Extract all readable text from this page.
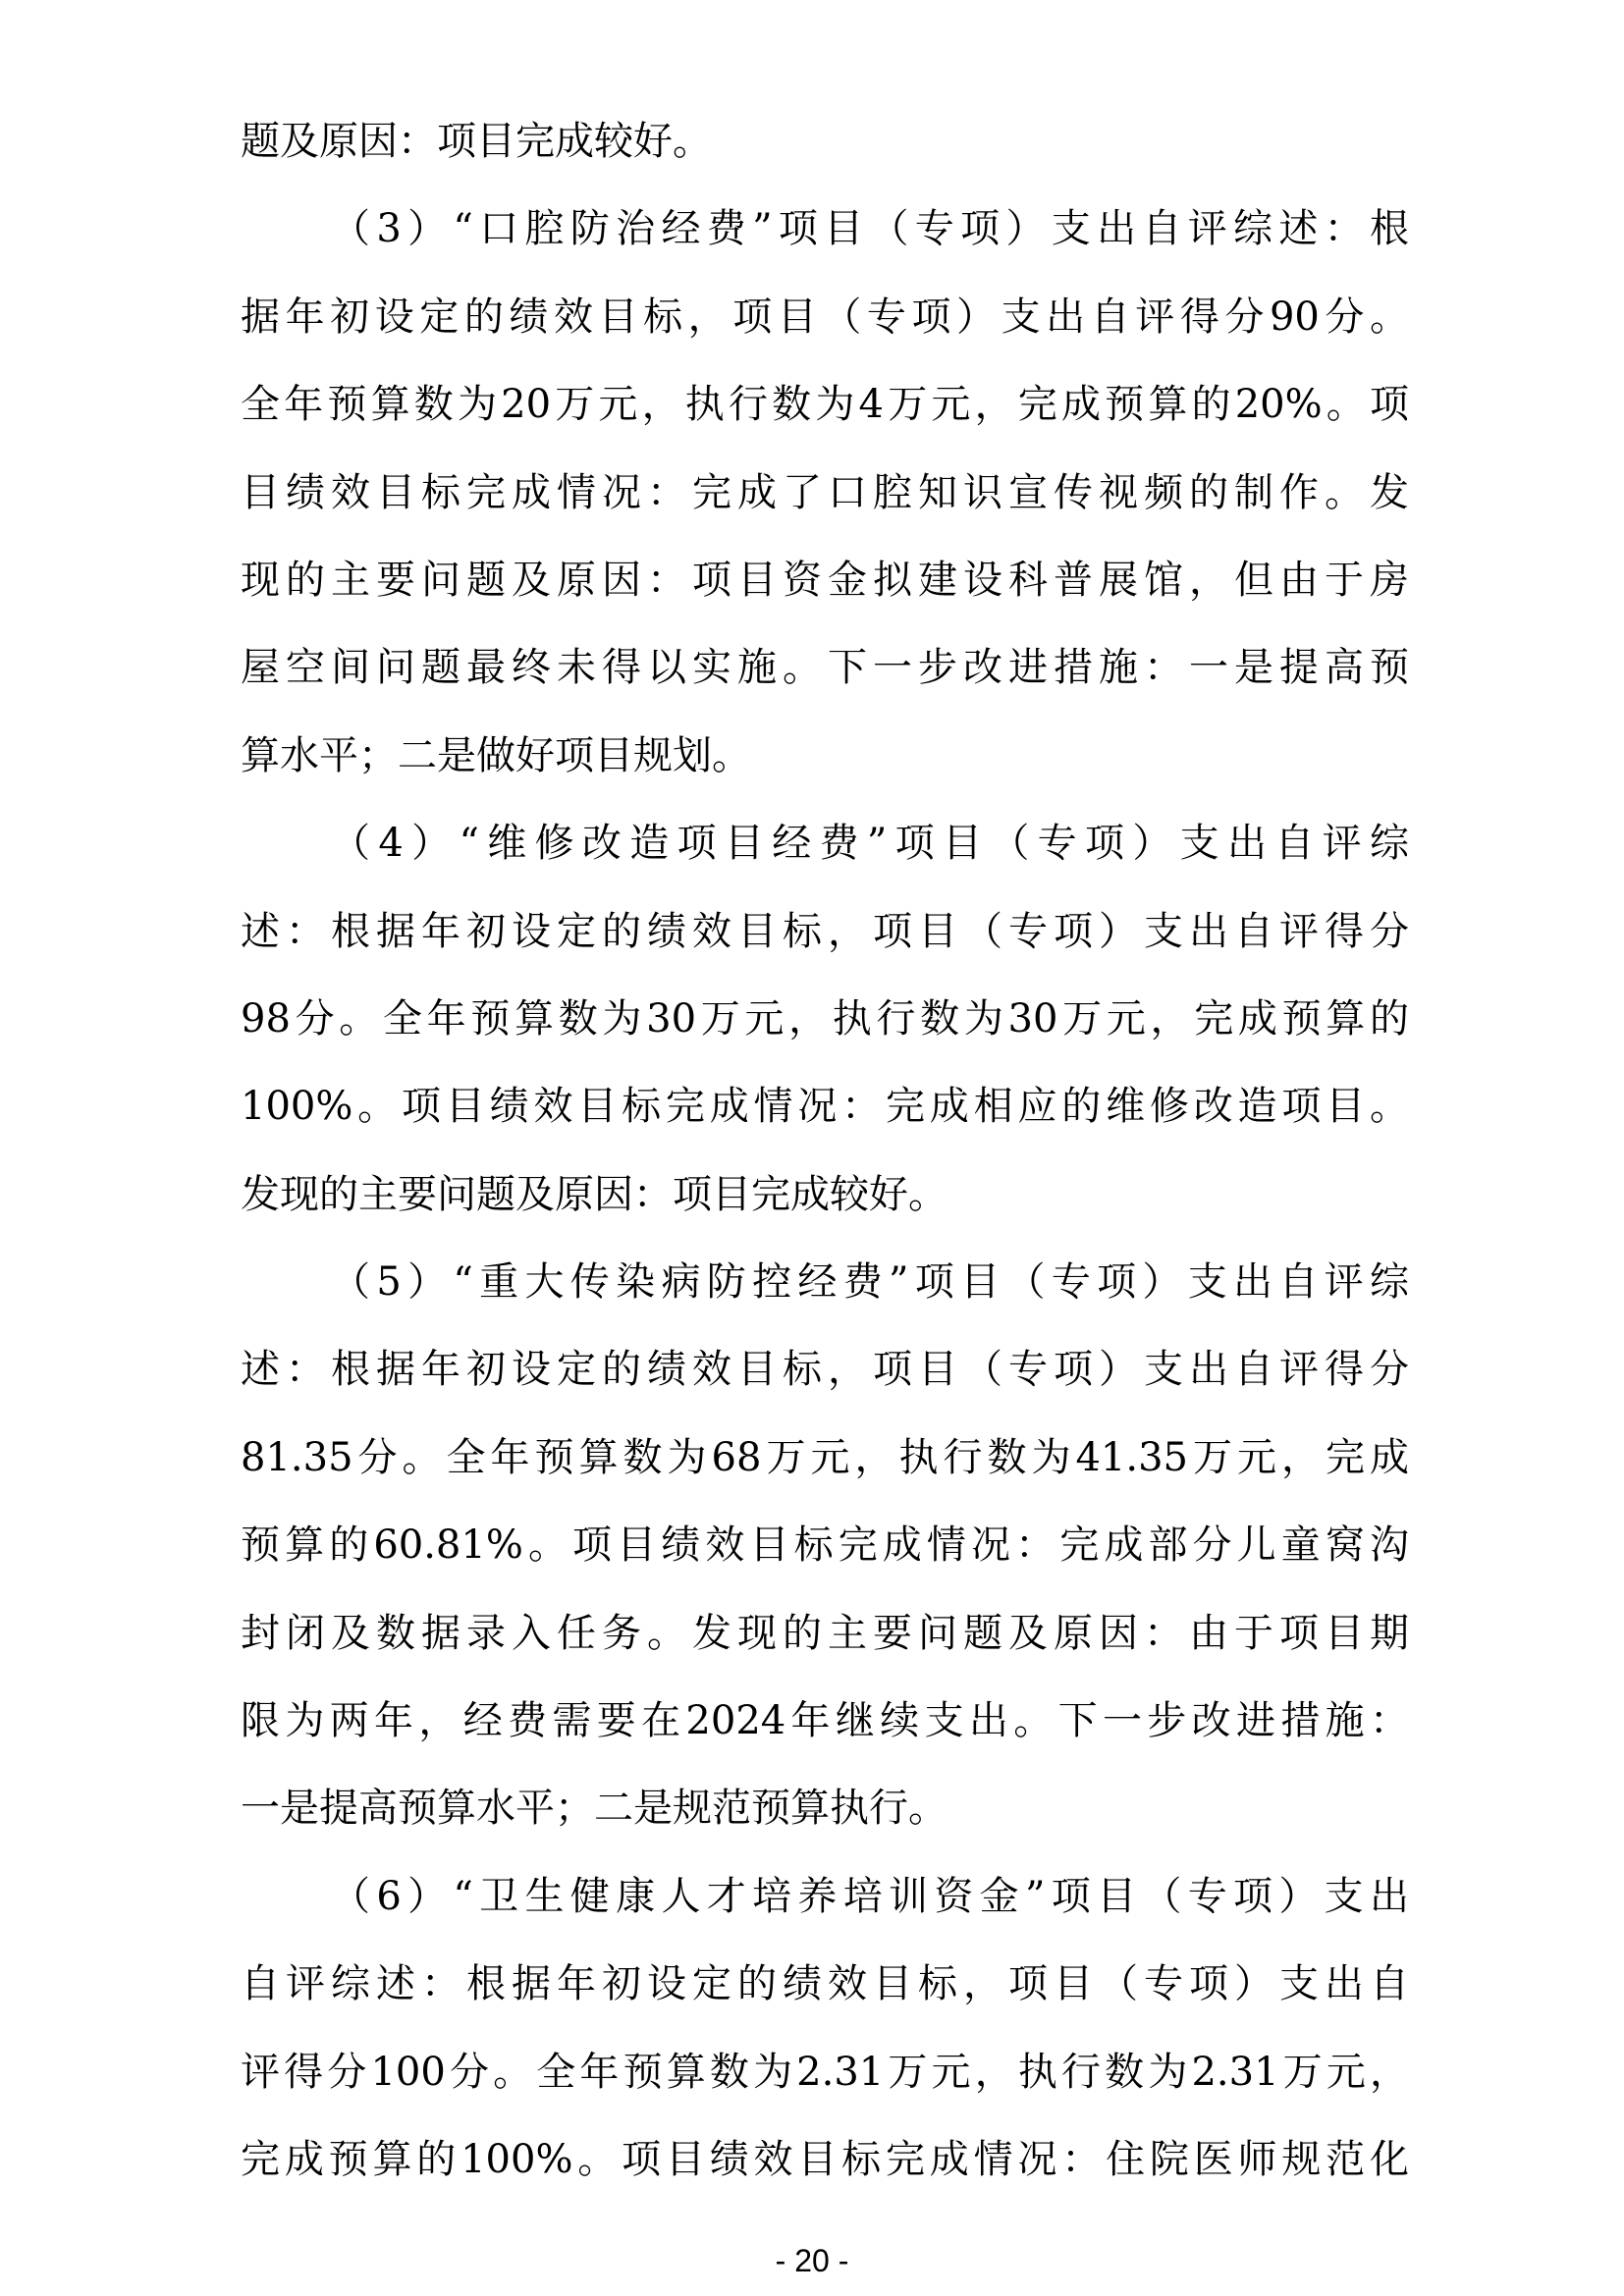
题及原因：项目完成较好。
（3）“口腔防治经费”项目（专项）支出自评综述：根
据年初设定的绩效目标，项目（专项）支出自评得分90分。
全年预算数为20万元，执行数为4万元，完成预算的20%。项
目绩效目标完成情况：完成了口腔知识宣传视频的制作。发
现的主要问题及原因：项目资金拟建设科普展馆，但由于房
屋空间问题最终未得以实施。下一步改进措施：一是提高预
算水平；二是做好项目规划。
（4）“维修改造项目经费”项目（专项）支出自评综
述：根据年初设定的绩效目标，项目（专项）支出自评得分
98分。全年预算数为30万元，执行数为30万元，完成预算的
100%。项目绩效目标完成情况：完成相应的维修改造项目。
发现的主要问题及原因：项目完成较好。
（5）“重大传染病防控经费”项目（专项）支出自评综
述：根据年初设定的绩效目标，项目（专项）支出自评得分
81.35分。全年预算数为68万元，执行数为41.35万元，完成
预算的60.81%。项目绩效目标完成情况：完成部分儿童窝沟
封闭及数据录入任务。发现的主要问题及原因：由于项目期
限为两年，经费需要在2024年继续支出。下一步改进措施：
一是提高预算水平；二是规范预算执行。
（6）“卫生健康人才培养培训资金”项目（专项）支出
自评综述：根据年初设定的绩效目标，项目（专项）支出自
评得分100分。全年预算数为2.31万元，执行数为2.31万元，
完成预算的100%。项目绩效目标完成情况：住院医师规范化
- 20 -
